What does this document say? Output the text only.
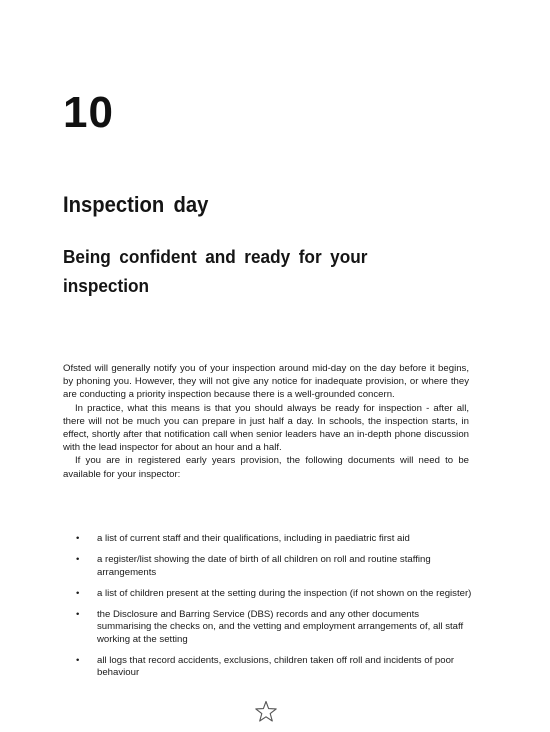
10
Inspection day
Being confident and ready for your inspection

Ofsted will generally notify you of your inspection around mid-day on the day before it begins, by phoning you. However, they will not give any notice for inadequate provision, or where they are conducting a priority inspection because there is a well-grounded concern.

In practice, what this means is that you should always be ready for inspection - after all, there will not be much you can prepare in just half a day. In schools, the inspection starts, in effect, shortly after that notification call when senior leaders have an in-depth phone discussion with the lead inspector for about an hour and a half.

If you are in registered early years provision, the following documents will need to be available for your inspector:

• a list of current staff and their qualifications, including in paediatric first aid
• a register/list showing the date of birth of all children on roll and routine staffing arrangements
• a list of children present at the setting during the inspection (if not shown on the register)
• the Disclosure and Barring Service (DBS) records and any other documents summarising the checks on, and the vetting and employment arrangements of, all staff working at the setting
• all logs that record accidents, exclusions, children taken off roll and incidents of poor behaviour
